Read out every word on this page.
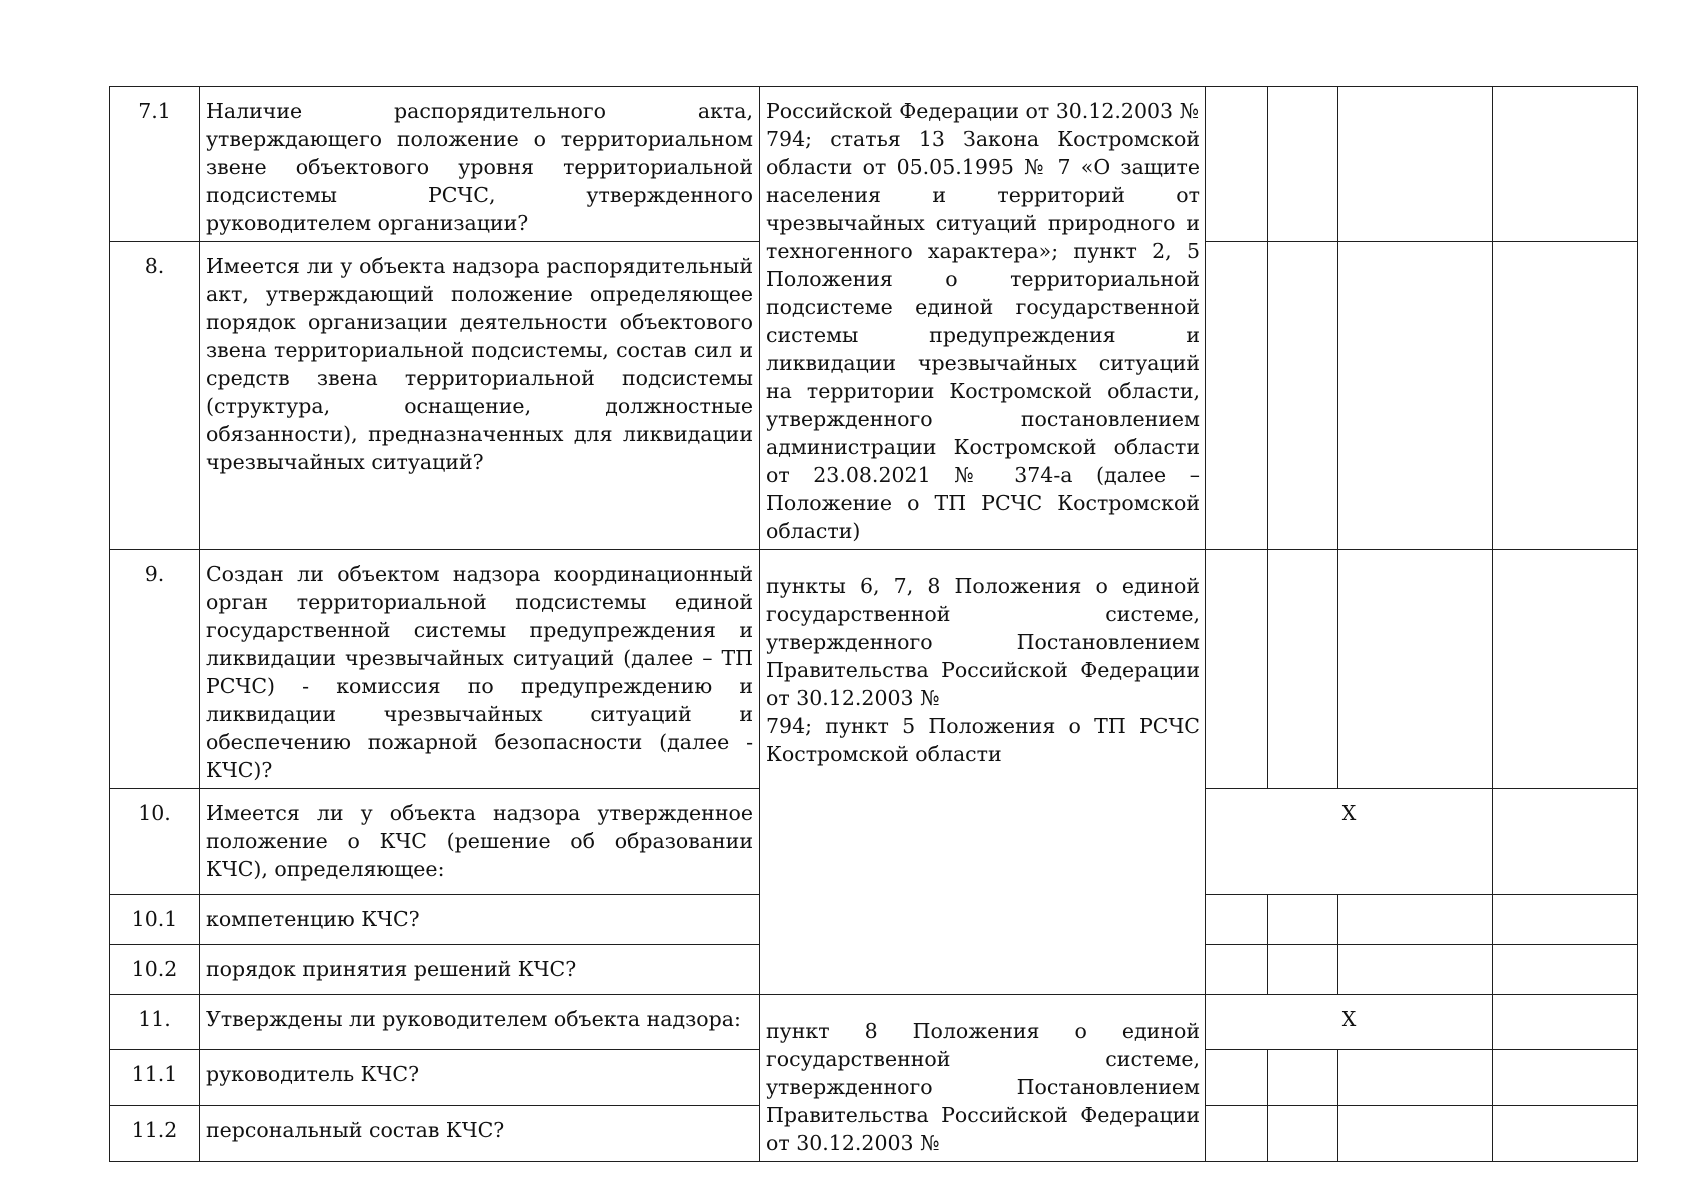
7.1	Наличие распорядительного акта, утверждающего положение о территориальном звене объектового уровня территориальной подсистемы РСЧС, утвержденного руководителем организации?	Российской Федерации от 30.12.2003 №
794; статья 13 Закона Костромской области от 05.05.1995 № 7 «О защите населения и территорий от чрезвычайных ситуаций природного и техногенного характера»; пункт 2, 5 Положения о территориальной подсистеме единой государственной системы предупреждения и ликвидации чрезвычайных ситуаций на территории Костромской области, утвержденного постановлением администрации Костромской области от 23.08.2021 № 374-а (далее – Положение о ТП РСЧС Костромской области)				
8.	Имеется ли у объекта надзора распорядительный акт, утверждающий положение определяющее порядок организации деятельности объектового звена территориальной подсистемы, состав сил и средств звена территориальной подсистемы (структура, оснащение, должностные обязанности), предназначенных для ликвидации чрезвычайных ситуаций?					
9.	Создан ли объектом надзора координационный орган территориальной подсистемы единой государственной системы предупреждения и ликвидации чрезвычайных ситуаций (далее – ТП РСЧС) - комиссия по предупреждению и ликвидации чрезвычайных ситуаций и обеспечению пожарной безопасности (далее - КЧС)?	пункты 6, 7, 8 Положения о единой государственной системе, утвержденного Постановлением Правительства Российской Федерации от 30.12.2003 №
794; пункт 5 Положения о ТП РСЧС Костромской области				
10.	Имеется ли у объекта надзора утвержденное положение о КЧС (решение об образовании КЧС), определяющее:		X			
10.1	компетенцию КЧС?					
10.2	порядок принятия решений КЧС?					
11.	Утверждены ли руководителем объекта надзора:	пункт 8 Положения о единой государственной системе, утвержденного Постановлением Правительства Российской Федерации от 30.12.2003 №	X			
11.1	руководитель КЧС?					
11.2	персональный состав КЧС?					
